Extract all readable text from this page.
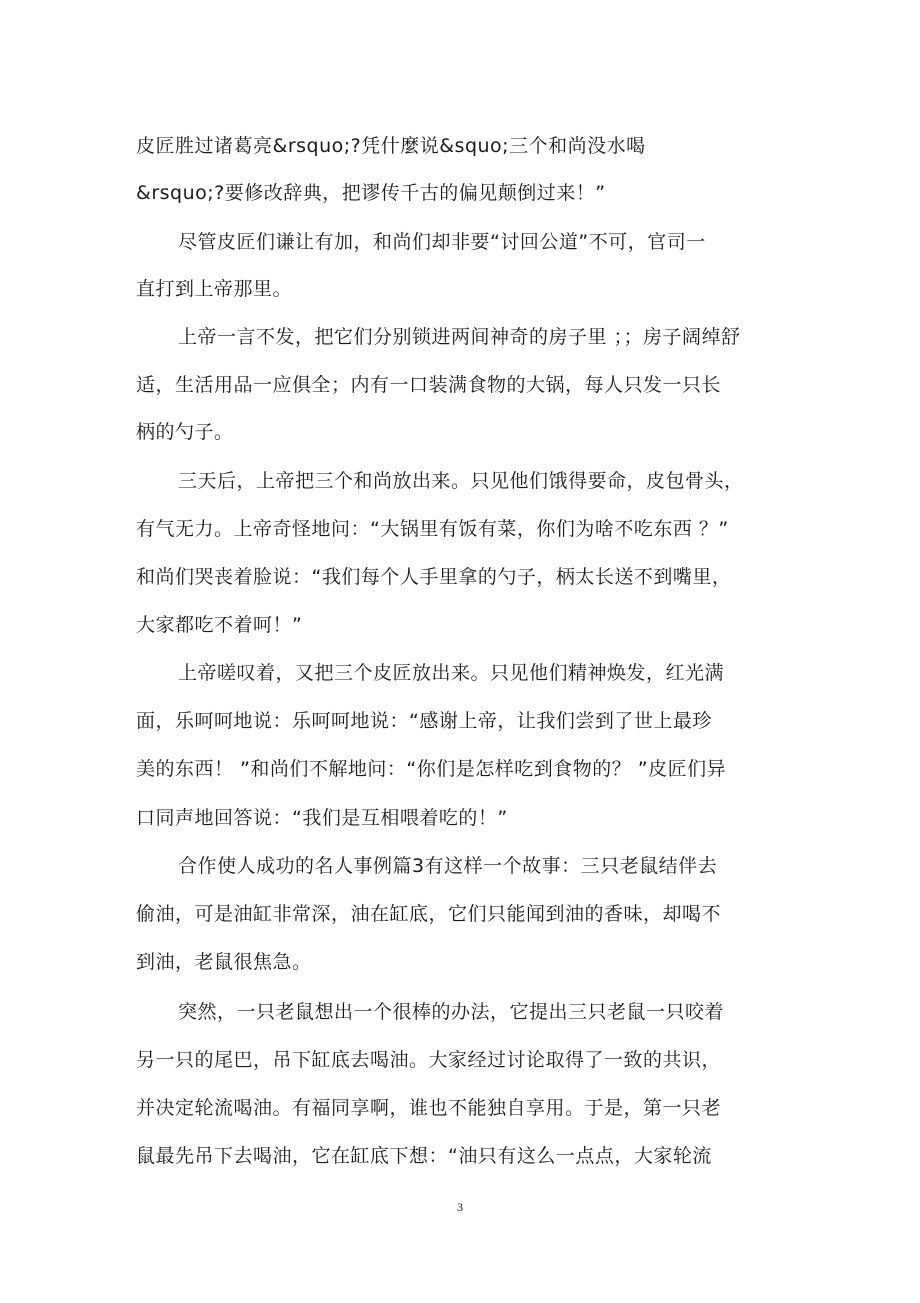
皮匠胜过诸葛亮&rsquo;?凭什麼说&squo;三个和尚没水喝
&rsquo;?要修改辞典，把谬传千古的偏见颠倒过来！”
尽管皮匠们谦让有加，和尚们却非要“讨回公道”不可，官司一
直打到上帝那里。
上帝一言不发，把它们分别锁进两间神奇的房子里 ；；房子阔绰舒
适，生活用品一应俱全；内有一口装满食物的大锅，每人只发一只长
柄的勺子。
三天后，上帝把三个和尚放出来。只见他们饿得要命，皮包骨头，
有气无力。上帝奇怪地问：“大锅里有饭有菜，你们为啥不吃东西 ？”
和尚们哭丧着脸说：“我们每个人手里拿的勺子，柄太长送不到嘴里，
大家都吃不着呵！”
上帝嗟叹着，又把三个皮匠放出来。只见他们精神焕发，红光满
面，乐呵呵地说：乐呵呵地说：“感谢上帝，让我们尝到了世上最珍
美的东西！ ”和尚们不解地问：“你们是怎样吃到食物的？ ”皮匠们异
口同声地回答说：“我们是互相喂着吃的！”
合作使人成功的名人事例篇3有这样一个故事：三只老鼠结伴去
偷油，可是油缸非常深，油在缸底，它们只能闻到油的香味，却喝不
到油，老鼠很焦急。
突然，一只老鼠想出一个很棒的办法，它提出三只老鼠一只咬着
另一只的尾巴，吊下缸底去喝油。大家经过讨论取得了一致的共识，
并决定轮流喝油。有福同享啊，谁也不能独自享用。于是，第一只老
鼠最先吊下去喝油，它在缸底下想：“油只有这么一点点，大家轮流
3
